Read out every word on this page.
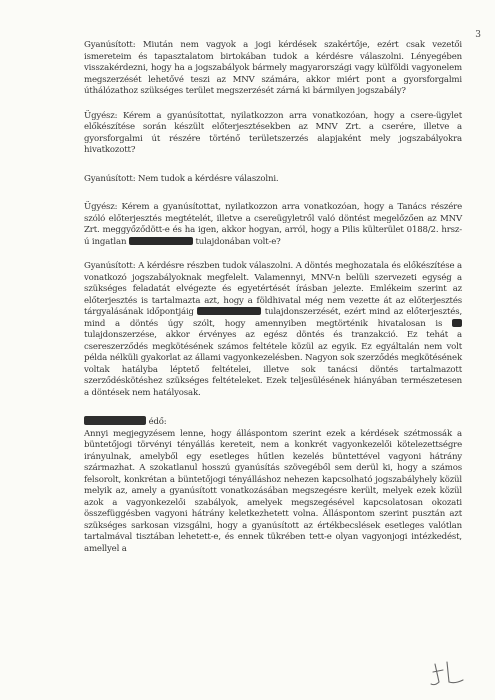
3

Gyanúsított: Miután nem vagyok a jogi kérdések szakértője, ezért csak vezetői ismereteim és tapasztalatom birtokában tudok a kérdésre válaszolni. Lényegében visszakérdezni, hogy ha a jogszabályok bármely magyarországi vagy külföldi vagyonelem megszerzését lehetővé teszi az MNV számára, akkor miért pont a gyorsforgalmi úthálózathoz szükséges terület megszerzését zárná ki bármilyen jogszabály?

Ügyész: Kérem a gyanúsítottat, nyilatkozzon arra vonatkozóan, hogy a csere-ügylet előkészítése során készült előterjesztésekben az MNV Zrt. a cserére, illetve a gyorsforgalmi út részére történő területszerzés alapjaként mely jogszabályokra hivatkozott?

Gyanúsított: Nem tudok a kérdésre válaszolni.

Ügyész: Kérem a gyanúsítottat, nyilatkozzon arra vonatkozóan, hogy a Tanács részére szóló előterjesztés megtételét, illetve a csereügyletről való döntést megelőzően az MNV Zrt. meggyőződött-e és ha igen, akkor hogyan, arról, hogy a Pilis külterület 0188/2. hrsz-ú ingatlan	tulajdonában volt-e?

Gyanúsított: A kérdésre részben tudok válaszolni. A döntés meghozatala és előkészítése a vonatkozó jogszabályoknak megfelelt. Valamennyi, MNV-n belüli szervezeti egység a szükséges feladatát elvégezte és egyetértését írásban jelezte. Emlékeim szerint az előterjesztés is tartalmazta azt, hogy a földhivatal még nem vezette át az előterjesztés tárgyalásának időpontjáig	tulajdonszerzését, ezért mind az előterjesztés, mind a döntés úgy szólt, hogy amennyiben megtörténik hivatalosan is  tulajdonszerzése, akkor érvényes az egész döntés és tranzakció. Ez tehát a csereszerződés megkötésének számos feltétele közül az egyik. Ez egyáltalán nem volt példa nélküli gyakorlat az állami vagyonkezelésben. Nagyon sok szerződés megkötésének voltak hatályba léptető feltételei, illetve sok tanácsi döntés tartalmazott szerződéskötéshez szükséges feltételeket. Ezek teljesülésének hiányában természetesen a döntések nem hatályosak.

édő:
Annyi megjegyzésem lenne, hogy álláspontom szerint ezek a kérdések szétmossák a büntetőjogi törvényi tényállás kereteit, nem a konkrét vagyonkezelői kötelezettségre irányulnak, amelyből egy esetleges hűtlen kezelés büntettével vagyoni hátrány származhat. A szokatlanul hosszú gyanúsítás szövegéből sem derül ki, hogy a számos felsorolt, konkrétan a büntetőjogi tényálláshoz nehezen kapcsolható jogszabályhely közül melyik az, amely a gyanúsított vonatkozásában megszegésre került, melyek ezek közül azok a vagyonkezelői szabályok, amelyek megszegésével kapcsolatosan okozati összefüggésben vagyoni hátrány keletkezhetett volna. Álláspontom szerint pusztán azt szükséges sarkosan vizsgálni, hogy a gyanúsított az értékbecslések esetleges valótlan tartalmával tisztában lehetett-e, és ennek tükrében tett-e olyan vagyonjogi intézkedést, amellyel a
